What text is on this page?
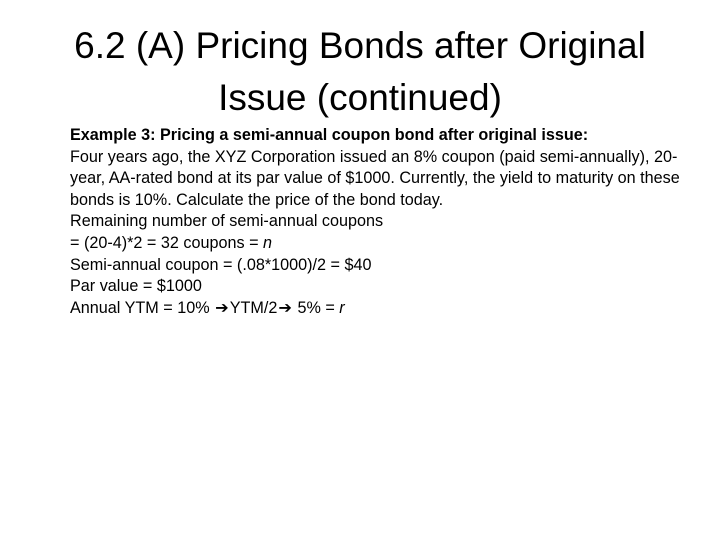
6.2 (A) Pricing Bonds after Original
Issue (continued)

Example 3: Pricing a semi-annual coupon bond after original issue:

Four years ago, the XYZ Corporation issued an 8% coupon (paid semi-annually), 20-year, AA-rated bond at its par value of $1000. Currently, the yield to maturity on these bonds is 10%. Calculate the price of the bond today.

Remaining number of semi-annual coupons

= (20-4)*2 = 32 coupons = n

Semi-annual coupon = (.08*1000)/2 = $40

Par value = $1000

Annual YTM = 10% ➔YTM/2➔ 5% = r
